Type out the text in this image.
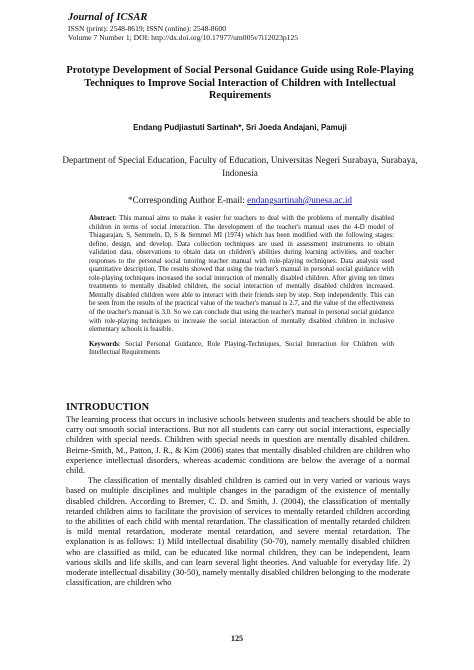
Journal of ICSAR
ISSN (print): 2548-8619; ISSN (online): 2548-8600
Volume 7 Number 1; DOI: http://dx.doi.org/10.17977/um005v7i12023p125
Prototype Development of Social Personal Guidance Guide using Role-Playing Techniques to Improve Social Interaction of Children with Intellectual Requirements
Endang Pudjiastuti Sartinah*, Sri Joeda Andajani, Pamuji
Department of Special Education, Faculty of Education, Universitas Negeri Surabaya, Surabaya, Indonesia
*Corresponding Author E-mail: endangsartinah@unesa.ac.id

Abstract: This manual aims to make it easier for teachers to deal with the problems of mentally disabled children in terms of social interaction. The development of the teacher's manual uses the 4-D model of Thiagarajan, S, Semmeln, D, S & Semmel MI (1974) which has been modified with the following stages: define, design, and develop. Data collection techniques are used in assessment instruments to obtain validation data, observations to obtain data on children's abilities during learning activities, and teacher responses to the personal social tutoring teacher manual with role-playing techniques. Data analysis used quantitative description. The results showed that using the teacher's manual in personal social guidance with role-playing techniques increased the social interaction of mentally disabled children. After giving ten times treatments to mentally disabled children, the social interaction of mentally disabled children increased. Mentally disabled children were able to interact with their friends step by step. Step independently. This can be seen from the results of the practical value of the teacher's manual is 2.7, and the value of the effectiveness of the teacher's manual is 3.0. So we can conclude that using the teacher's manual in personal social guidance with role-playing techniques to increase the social interaction of mentally disabled children in inclusive elementary schools is feasible.

Keywords: Social Personal Guidance, Role Playing-Techniques, Social Interaction for Children with Intellectual Requirements

INTRODUCTION

The learning process that occurs in inclusive schools between students and teachers should be able to carry out smooth social interactions. But not all students can carry out social interactions, especially children with special needs. Children with special needs in question are mentally disabled children. Beirne-Smith, M., Patton, J. R., & Kim (2006) states that mentally disabled children are children who experience intellectual disorders, whereas academic conditions are below the average of a normal child.

The classification of mentally disabled children is carried out in very varied or various ways based on multiple disciplines and multiple changes in the paradigm of the existence of mentally disabled children. According to Bremer, C. D. and Smith, J. (2004), the classification of mentally retarded children aims to facilitate the provision of services to mentally retarded children according to the abilities of each child with mental retardation. The classification of mentally retarded children is mild mental retardation, moderate mental retardation, and severe mental retardation. The explanation is as follows: 1) Mild intellectual disability (50-70), namely mentally disabled children who are classified as mild, can be educated like normal children, they can be independent, learn various skills and life skills, and can learn several light theories. And valuable for everyday life. 2) moderate intellectual disability (30-50), namely mentally disabled children belonging to the moderate classification, are children who

125
